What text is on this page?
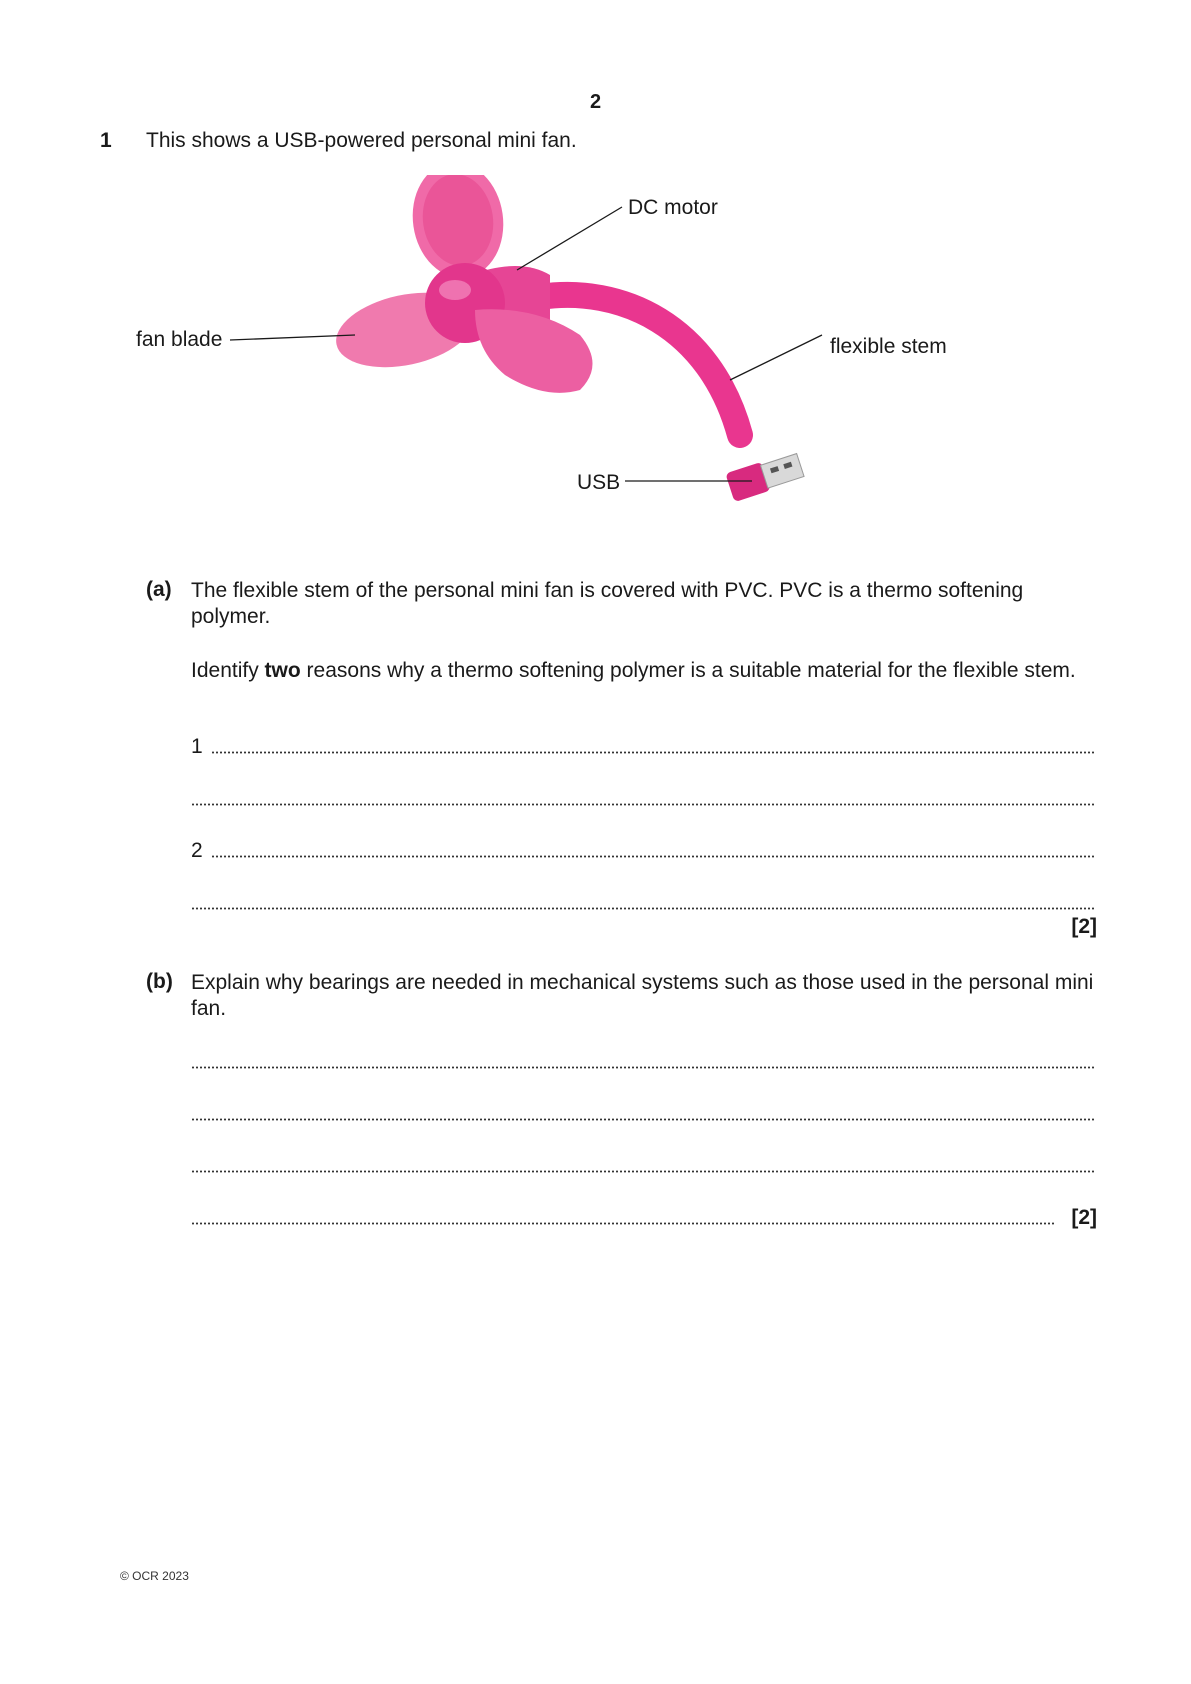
2
1 This shows a USB-powered personal mini fan.
DC motor
flexible stem
fan blade
USB
(a) The flexible stem of the personal mini fan is covered with PVC. PVC is a thermo softening polymer.
Identify two reasons why a thermo softening polymer is a suitable material for the flexible stem.
1
2
[2]
(b) Explain why bearings are needed in mechanical systems such as those used in the personal mini fan.
[2]
© OCR 2023
